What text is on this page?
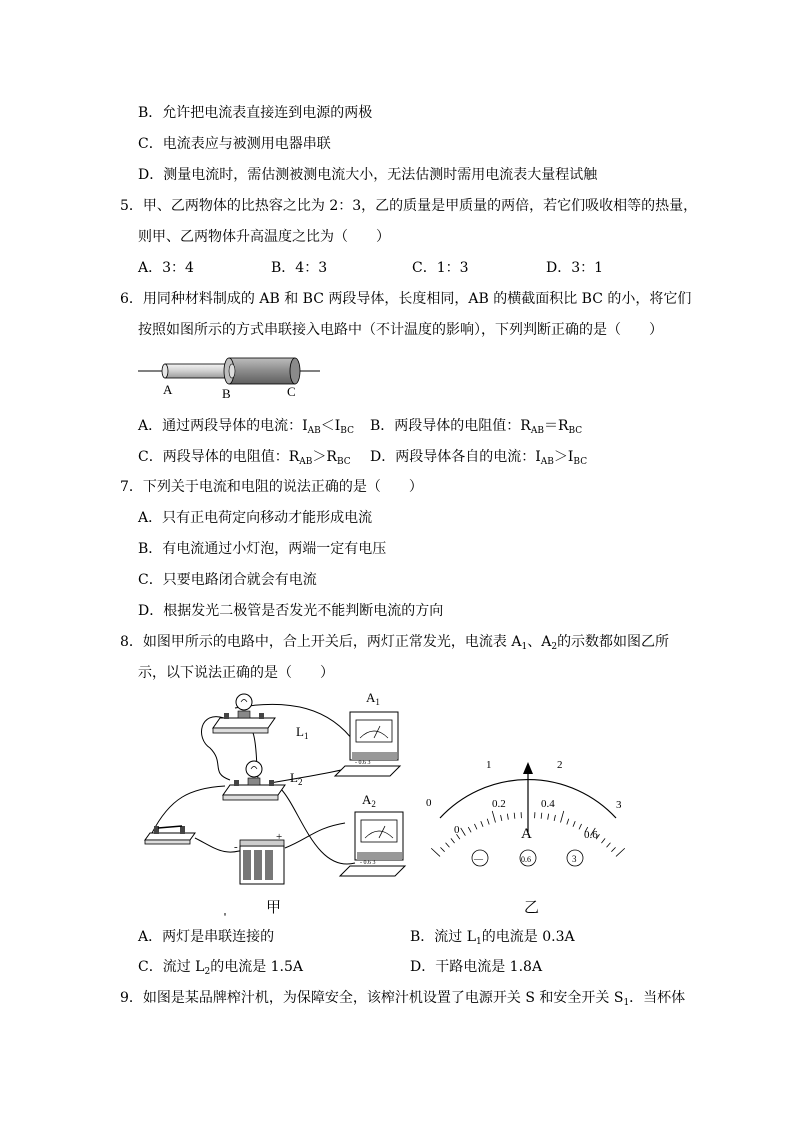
B．允许把电流表直接连到电源的两极
C．电流表应与被测用电器串联
D．测量电流时，需估测被测电流大小，无法估测时需用电流表大量程试触
5．甲、乙两物体的比热容之比为 2：3，乙的质量是甲质量的两倍，若它们吸收相等的热量，
则甲、乙两物体升高温度之比为（　　）
A．3：4	B．4：3	C．1：3	D．3：1
6．用同种材料制成的 AB 和 BC 两段导体，长度相同，AB 的横截面积比 BC 的小，将它们
按照如图所示的方式串联接入电路中（不计温度的影响），下列判断正确的是（　　）
A	B	C
A．通过两段导体的电流：$I_{AB}<I_{BC}$ B．两段导体的电阻值：$R_{AB}=R_{BC}$
C．两段导体的电阻值：$R_{AB}>R_{BC}$ D．两段导体各自的电流：$I_{AB}>I_{BC}$
7．下列关于电流和电阻的说法正确的是（　　）
A．只有正电荷定向移动才能形成电流
B．有电流通过小灯泡，两端一定有电压
C．只要电路闭合就会有电流
D．根据发光二极管是否发光不能判断电流的方向
8．如图甲所示的电路中，合上开关后，两灯正常发光，电流表 $A_1$、$A_2$的示数都如图乙所
示，以下说法正确的是（　　）
$L_1$
$L_2$
-
+
$A_1$
- 0.6 3
$A_2$
- 0.6 3
甲
0
1	2
3
0
0.2	0.4
0.6
A
—	0.6	3
乙
A．两灯是串联连接的	B．流过 $L_1$的电流是 0.3A
C．流过 $L_2$的电流是 1.5A	D．干路电流是 1.8A
9．如图是某品牌榨汁机，为保障安全，该榨汁机设置了电源开关 S 和安全开关 $S_1$．当杯体
